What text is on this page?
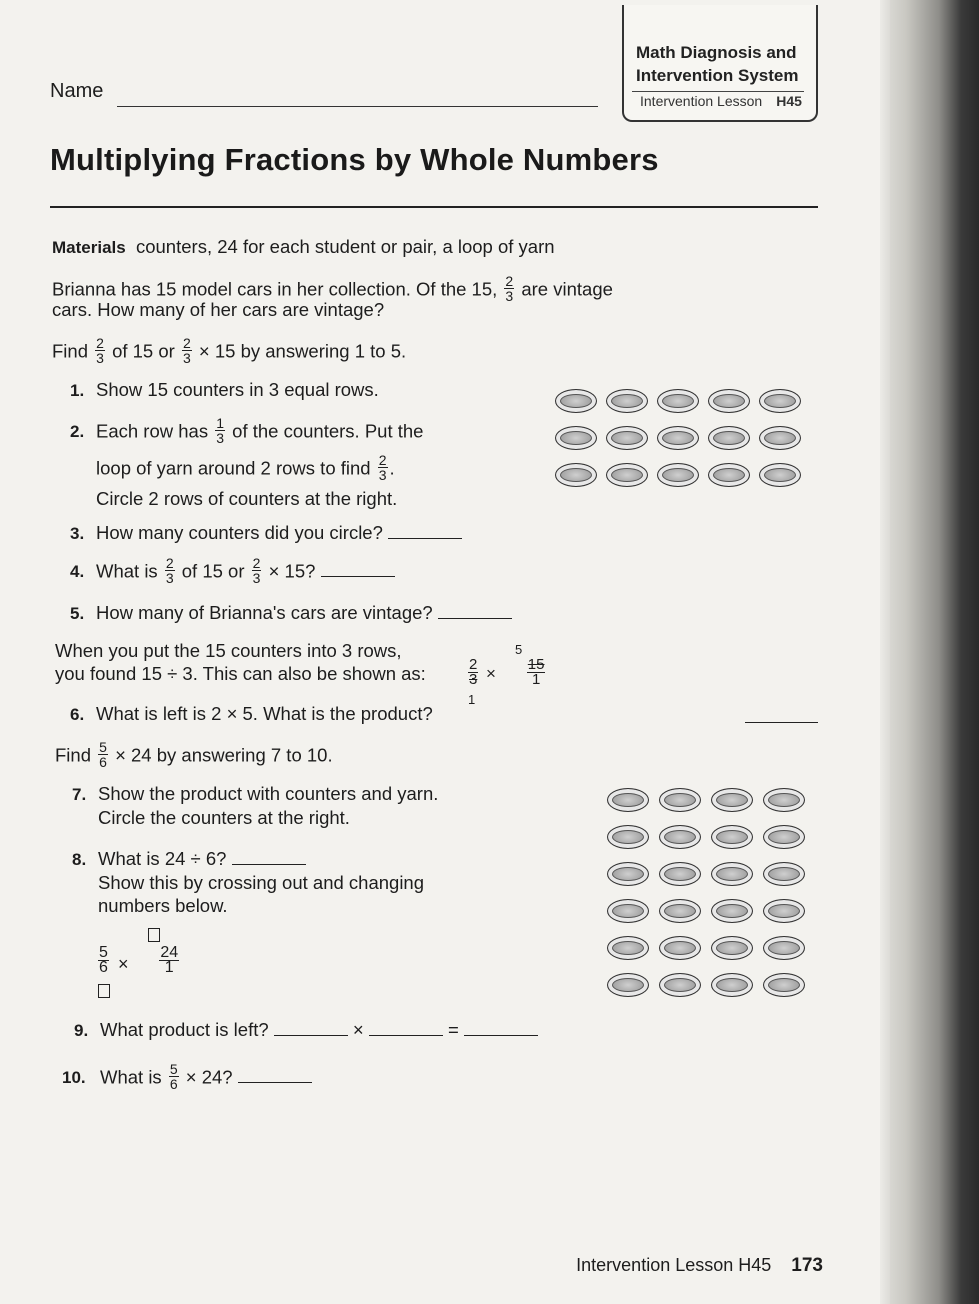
Math Diagnosis and
Intervention System
Intervention Lesson H45
Name
Multiplying Fractions by Whole Numbers
Materials counters, 24 for each student or pair, a loop of yarn
Brianna has 15 model cars in her collection. Of the 15, $\frac{2}{3}$ are vintage
cars. How many of her cars are vintage?
Find $\frac{2}{3}$ of 15 or $\frac{2}{3} \times 15$ by answering 1 to 5.
1. Show 15 counters in 3 equal rows.
2. Each row has $\frac{1}{3}$ of the counters. Put the
loop of yarn around 2 rows to find $\frac{2}{3}$ .
Circle 2 rows of counters at the right.
3. How many counters did you circle?
4. What is $\frac{2}{3}$ of 15 or $\frac{2}{3} \times 15$?
5. How many of Brianna's cars are vintage?
When you put the 15 counters into 3 rows,
you found 15 ÷ 3. This can also be shown as:
5
$\frac{2}{3}$
× $\frac{15}{1}$
1
6. What is left is 2 × 5. What is the product?
Find $\frac{5}{6} \times 24$ by answering 7 to 10.
7. Show the product with counters and yarn.
Circle the counters at the right.
8. What is 24 ÷ 6?
Show this by crossing out and changing
numbers below.
$\frac{5}{6}$
× $\frac{24}{1}$
9. What product is left?	×	=
10. What is $\frac{5}{6} \times 24$?
Intervention Lesson H45 173
